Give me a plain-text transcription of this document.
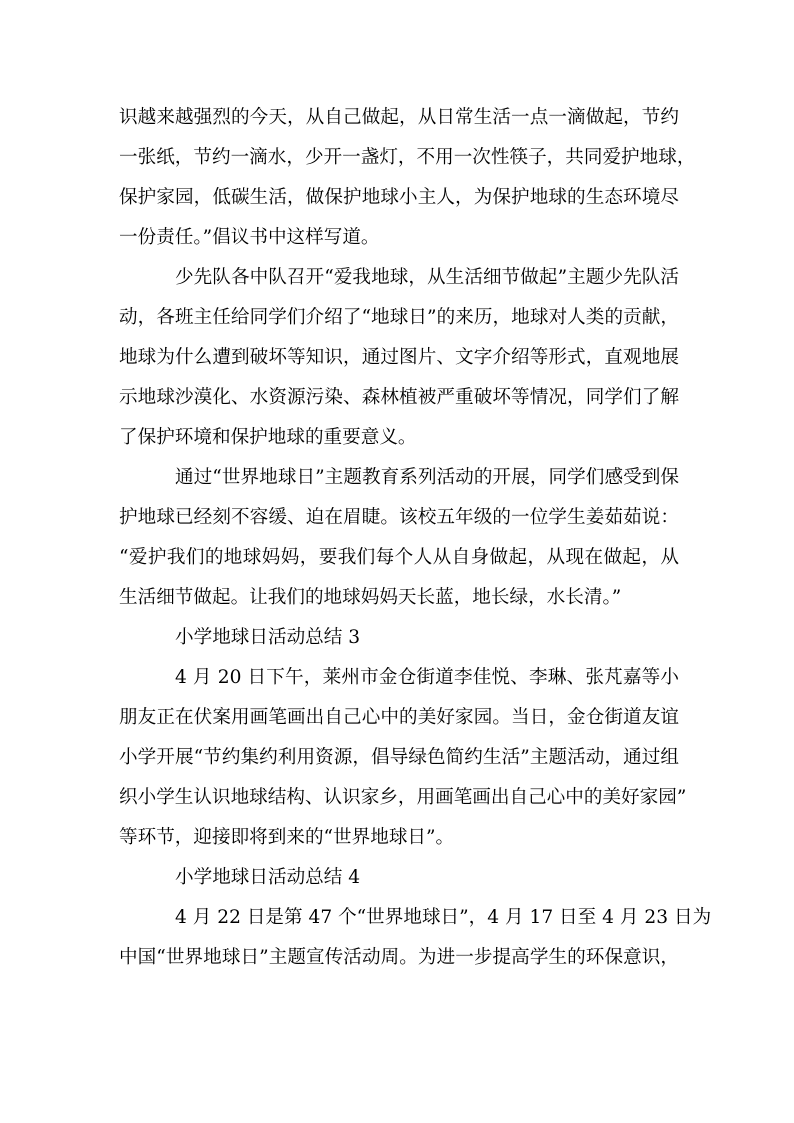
识越来越强烈的今天，从自己做起，从日常生活一点一滴做起，节约
一张纸，节约一滴水，少开一盏灯，不用一次性筷子，共同爱护地球，
保护家园，低碳生活，做保护地球小主人，为保护地球的生态环境尽
一份责任。”倡议书中这样写道。
少先队各中队召开“爱我地球，从生活细节做起”主题少先队活
动，各班主任给同学们介绍了“地球日”的来历，地球对人类的贡献，
地球为什么遭到破坏等知识，通过图片、文字介绍等形式，直观地展
示地球沙漠化、水资源污染、森林植被严重破坏等情况，同学们了解
了保护环境和保护地球的重要意义。
通过“世界地球日”主题教育系列活动的开展，同学们感受到保
护地球已经刻不容缓、迫在眉睫。该校五年级的一位学生姜茹茹说：
“爱护我们的地球妈妈，要我们每个人从自身做起，从现在做起，从
生活细节做起。让我们的地球妈妈天长蓝，地长绿，水长清。”
小学地球日活动总结 3
4 月 20 日下午，莱州市金仓街道李佳悦、李琳、张芃嘉等小
朋友正在伏案用画笔画出自己心中的美好家园。当日，金仓街道友谊
小学开展“节约集约利用资源，倡导绿色简约生活”主题活动，通过组
织小学生认识地球结构、认识家乡，用画笔画出自己心中的美好家园”
等环节，迎接即将到来的“世界地球日”。
小学地球日活动总结 4
4 月 22 日是第 47 个“世界地球日”，4 月 17 日至 4 月 23 日为
中国“世界地球日”主题宣传活动周。为进一步提高学生的环保意识，
